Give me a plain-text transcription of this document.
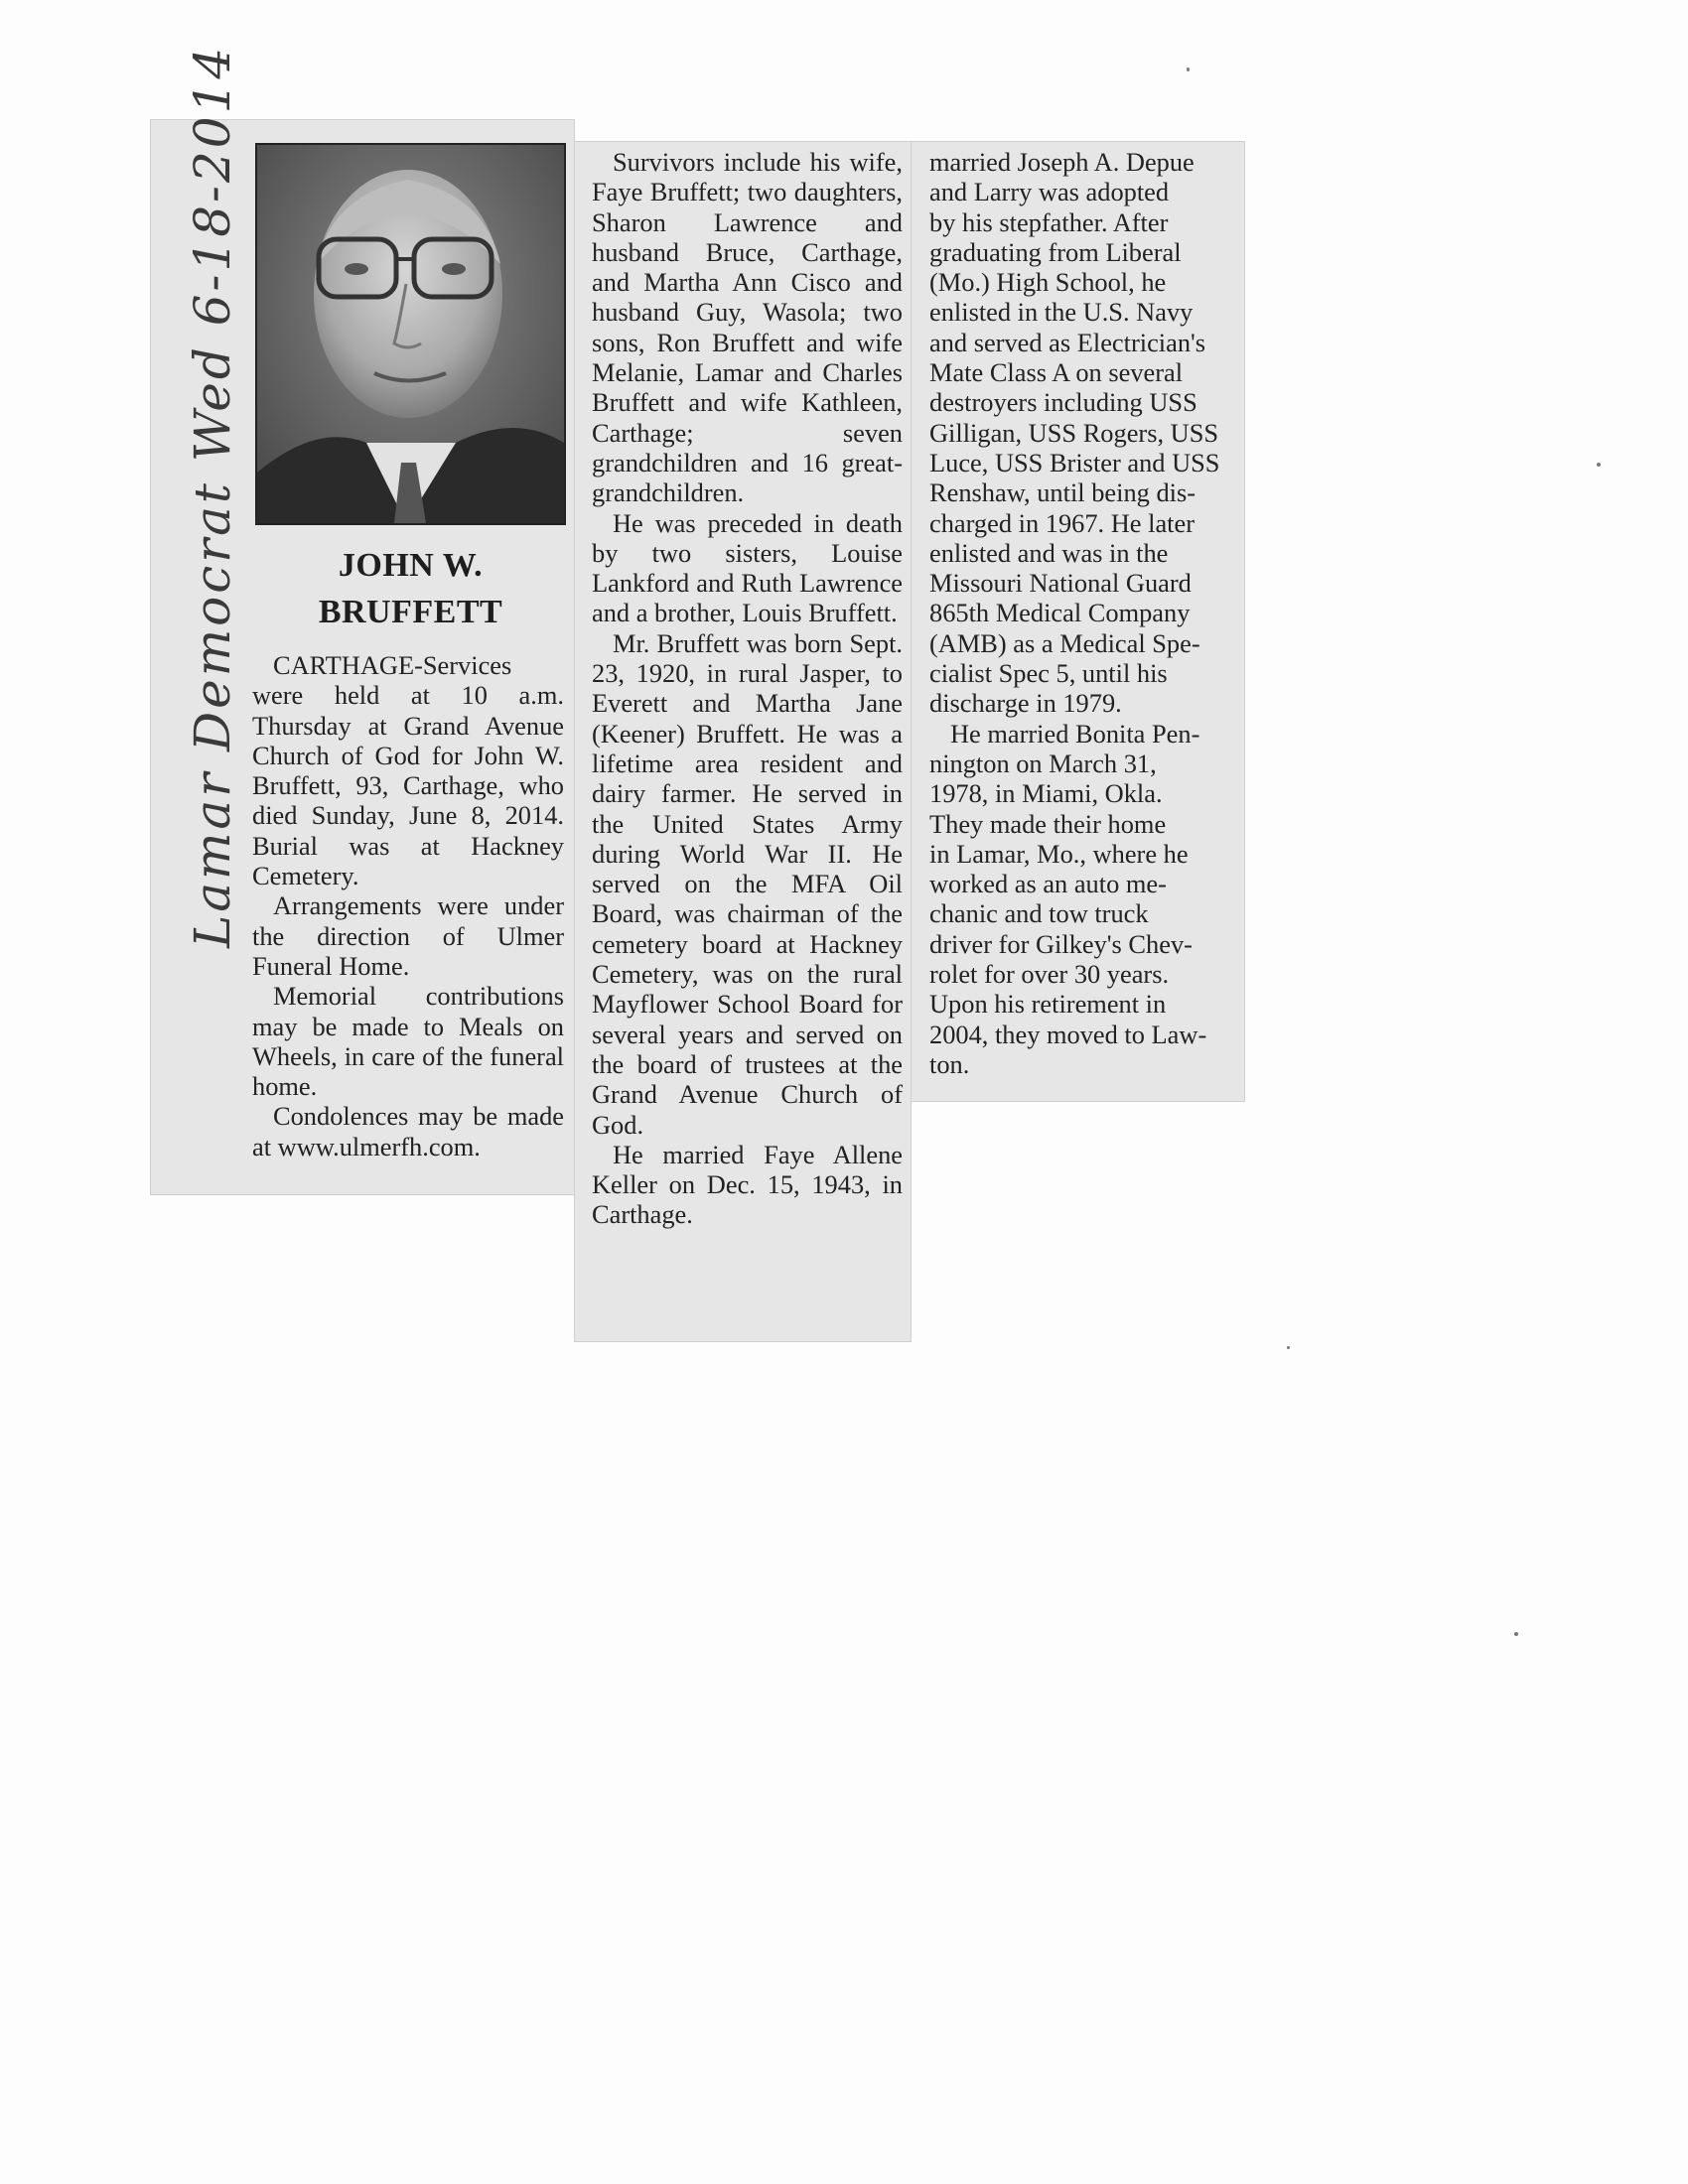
Lamar Democrat Wed 6-18-2014	JOHN W.
BRUFFETT

CARTHAGE-Services were held at 10 a.m. Thursday at Grand Avenue Church of God for John W. Bruffett, 93, Carthage, who died Sunday, June 8, 2014. Burial was at Hackney Cemetery.

Arrangements were under the direction of Ulmer Funeral Home.

Memorial contributions may be made to Meals on Wheels, in care of the funeral home.

Condolences may be made at www.ulmerfh.com.

Survivors include his wife, Faye Bruffett; two daughters, Sharon Lawrence and husband Bruce, Carthage, and Martha Ann Cisco and husband Guy, Wasola; two sons, Ron Bruffett and wife Melanie, Lamar and Charles Bruffett and wife Kathleen, Carthage; seven grandchildren and 16 great-grandchildren.

He was preceded in death by two sisters, Louise Lankford and Ruth Lawrence and a brother, Louis Bruffett.

Mr. Bruffett was born Sept. 23, 1920, in rural Jasper, to Everett and Martha Jane (Keener) Bruffett. He was a lifetime area resident and dairy farmer. He served in the United States Army during World War II. He served on the MFA Oil Board, was chairman of the cemetery board at Hackney Cemetery, was on the rural Mayflower School Board for several years and served on the board of trustees at the Grand Avenue Church of God.

He married Faye Allene Keller on Dec. 15, 1943, in Carthage.

married Joseph A. Depue
and Larry was adopted
by his stepfather. After
graduating from Liberal
(Mo.) High School, he
enlisted in the U.S. Navy
and served as Electrician's
Mate Class A on several
destroyers including USS
Gilligan, USS Rogers, USS
Luce, USS Brister and USS
Renshaw, until being dis-
charged in 1967. He later
enlisted and was in the
Missouri National Guard
865th Medical Company
(AMB) as a Medical Spe-
cialist Spec 5, until his
discharge in 1979.
He married Bonita Pen-
nington on March 31,
1978, in Miami, Okla.
They made their home
in Lamar, Mo., where he
worked as an auto me-
chanic and tow truck
driver for Gilkey's Chev-
rolet for over 30 years.
Upon his retirement in
2004, they moved to Law-
ton.
